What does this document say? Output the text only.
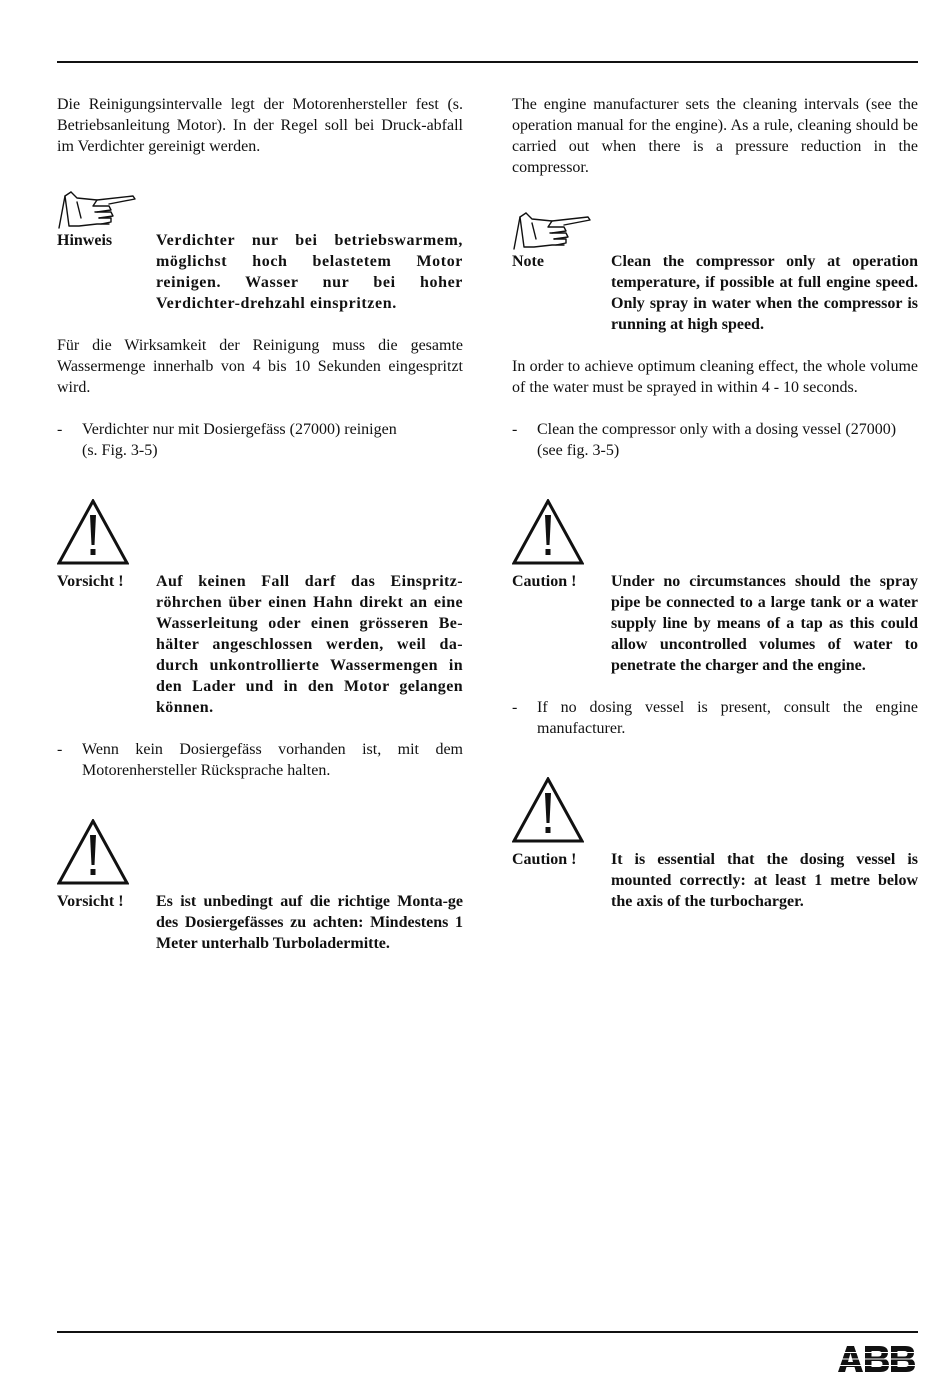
Die Reinigungsintervalle legt der Motorenhersteller fest (s. Betriebsanleitung Motor). In der Regel soll bei Druck-abfall im Verdichter gereinigt werden.

Hinweis	Verdichter nur bei betriebswarmem, möglichst hoch belastetem Motor reinigen. Wasser nur bei hoher Verdichter-drehzahl einspritzen.

Für die Wirksamkeit der Reinigung muss die gesamte Wassermenge innerhalb von 4 bis 10 Sekunden eingespritzt wird.

- Verdichter nur mit Dosiergefäss (27000) reinigen
(s. Fig. 3-5)
Vorsicht ! Auf keinen Fall darf das Einspritz-röhrchen über einen Hahn direkt an eine Wasserleitung oder einen grösseren Be-hälter angeschlossen werden, weil da-durch unkontrollierte Wassermengen in den Lader und in den Motor gelangen können.
- Wenn kein Dosiergefäss vorhanden ist, mit dem Motorenhersteller Rücksprache halten.
Vorsicht ! Es ist unbedingt auf die richtige Monta-ge des Dosiergefässes zu achten: Mindestens 1 Meter unterhalb Turboladermitte.

The engine manufacturer sets the cleaning intervals (see the operation manual for the engine). As a rule, cleaning should be carried out when there is a pressure reduction in the compressor.

Note	Clean the compressor only at operation temperature, if possible at full engine speed. Only spray in water when the compressor is running at high speed.

In order to achieve optimum cleaning effect, the whole volume of the water must be sprayed in within 4 - 10 seconds.

- Clean the compressor only with a dosing vessel (27000)
(see fig. 3-5)
Caution ! Under no circumstances should the spray pipe be connected to a large tank or a water supply line by means of a tap as this could allow uncontrolled volumes of water to penetrate the charger and the engine.
- If no dosing vessel is present, consult the engine manufacturer.
Caution ! It is essential that the dosing vessel is mounted correctly: at least 1 metre below the axis of the turbocharger.
